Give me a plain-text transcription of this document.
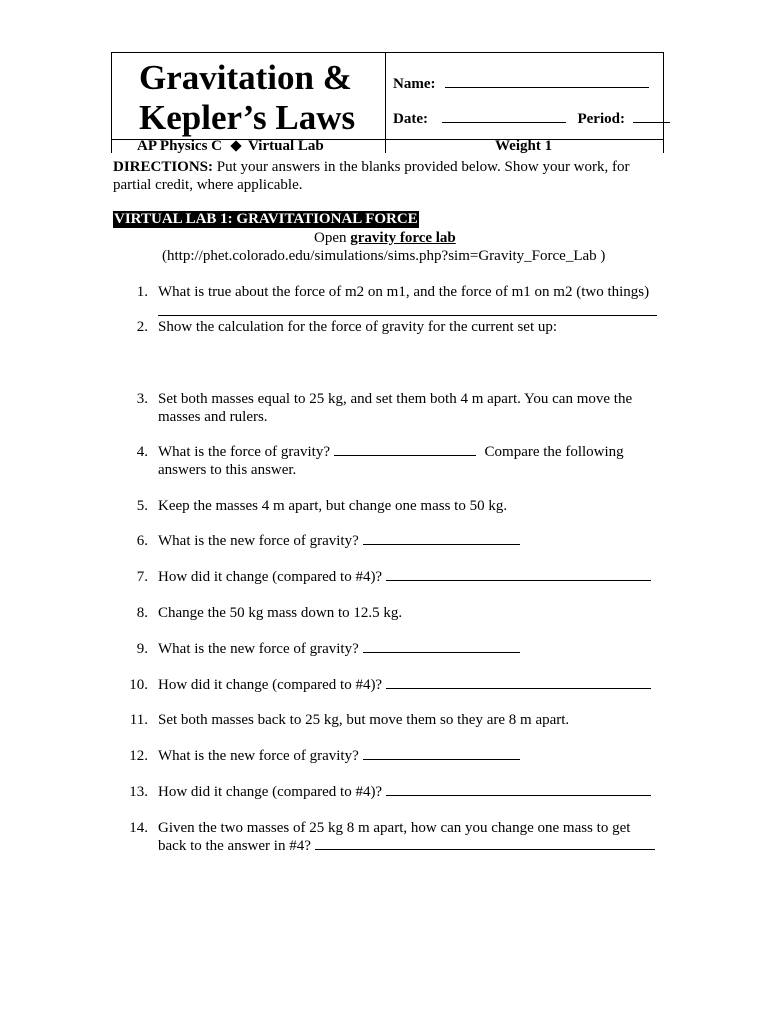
Gravitation &
Kepler’s Laws
Name:
Date:	Period:
AP Physics C Virtual Lab	Weight 1
DIRECTIONS: Put your answers in the blanks provided below. Show your work, for
partial credit, where applicable.
VIRTUAL LAB 1: GRAVITATIONAL FORCE
Open gravity force lab
(http://phet.colorado.edu/simulations/sims.php?sim=Gravity_Force_Lab )
1. What is true about the force of m2 on m1, and the force of m1 on m2 (two things)
2. Show the calculation for the force of gravity for the current set up:
3. Set both masses equal to 25 kg, and set them both 4 m apart. You can move the
masses and rulers.
4. What is the force of gravity?	Compare the following
answers to this answer.
5. Keep the masses 4 m apart, but change one mass to 50 kg.
6. What is the new force of gravity?
7. How did it change (compared to #4)?
8. Change the 50 kg mass down to 12.5 kg.
9. What is the new force of gravity?
10. How did it change (compared to #4)?
11. Set both masses back to 25 kg, but move them so they are 8 m apart.
12. What is the new force of gravity?
13. How did it change (compared to #4)?
14. Given the two masses of 25 kg 8 m apart, how can you change one mass to get
back to the answer in #4?
